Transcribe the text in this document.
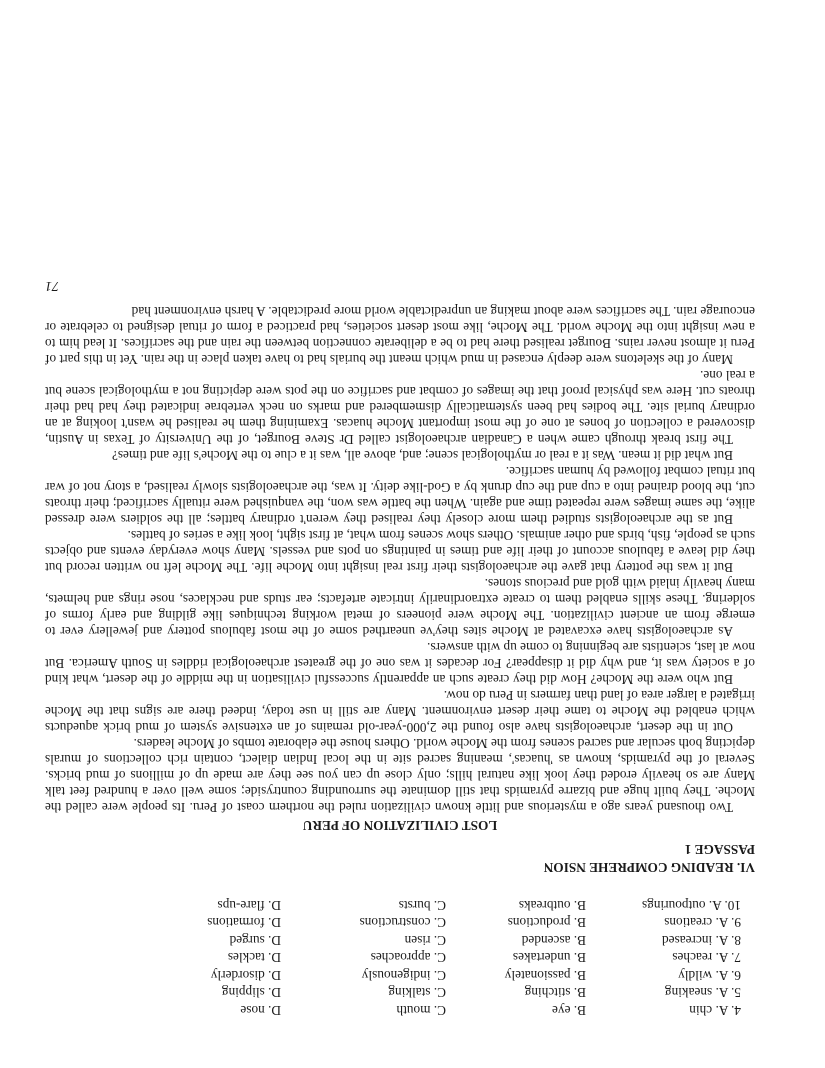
4. A. chin	B. eye	C. mouth	D. nose
5. A. sneaking	B. stitching	C. stalking	D. slipping
6. A. wildly	B. passionately	C. indigenously	D. disorderly
7. A. reaches	B. undertakes	C. approaches	D. tackles
8. A. increased	B. ascended	C. risen	D. surged
9. A. creations	B. productions	C. constructions	D. formations
10. A. outpourings	B. outbreaks	C. bursts	D. flare-ups
VI. READING COMPREHE NSION
PASSAGE 1
LOST CIVILIZATION OF PERU

Two thousand years ago a mysterious and little known civilization ruled the northern coast of Peru. Its people were called the Moche. They built huge and bizarre pyramids that still dominate the surrounding countryside; some well over a hundred feet talk Many are so heavily eroded they look like natural hills; only close up can you see they are made up of millions of mud bricks. Several of the pyramids, known as 'huacas', meaning sacred site in the local Indian dialect, contain rich collections of murals depicting both secular and sacred scenes from the Moche world. Others house the elaborate tombs of Moche leaders.

Out in the desert, archaeologists have also found the 2,000-year-old remains of an extensive system of mud brick aqueducts which enabled the Moche to tame their desert environment. Many are still in use today, indeed there are signs that the Moche irrigated a larger area of land than farmers in Peru do now.

But who were the Moche? How did they create such an apparently successful civilisation in the middle of the desert, what kind of a society was it, and why did it disappear? For decades it was one of the greatest archaeological riddles in South America. But now at last, scientists are beginning to come up with answers.

As archaeologists have excavated at Moche sites they've unearthed some of the most fabulous pottery and jewellery ever to emerge from an ancient civilization. The Moche were pioneers of metal working techniques like gilding and early forms of soldering. These skills enabled them to create extraordinarily intricate artefacts; ear studs and necklaces, nose rings and helmets, many heavily inlaid with gold and precious stones.

But it was the pottery that gave the archaeologists their first real insight into Moche life. The Moche left no written record but they did leave a fabulous account of their life and times in paintings on pots and vessels. Many show everyday events and objects such as people, fish, birds and other animals. Others show scenes from what, at first sight, look like a series of battles.

But as the archaeologists studied them more closely they realised they weren't ordinary battles; all the soldiers were dressed alike, the same images were repeated time and again. When the battle was won, the vanquished were ritually sacrificed; their throats cut, the blood drained into a cup and the cup drunk by a God-like deity. It was, the archaeologists slowly realised, a story not of war but ritual combat followed by human sacrifice.

But what did it mean. Was it a real or mythological scene; and, above all, was it a clue to the Moche's life and times?

The first break through came when a Canadian archaeologist called Dr Steve Bourget, of the University of Texas in Austin, discovered a collection of bones at one of the most important Moche huacas. Examining them he realised he wasn't looking at an ordinary burial site. The bodies had been systematically dismembered and marks on neck vertebrae indicated they had had their throats cut. Here was physical proof that the images of combat and sacrifice on the pots were depicting not a mythological scene but a real one.

Many of the skeletons were deeply encased in mud which meant the burials had to have taken place in the rain. Yet in this part of Peru it almost never rains. Bourget realised there had to be a deliberate connection between the rain and the sacrifices. It lead him to a new insight into the Moche world. The Moche, like most desert societies, had practiced a form of ritual designed to celebrate or encourage rain. The sacrifices were about making an unpredictable world more predictable. A harsh environment had

71
